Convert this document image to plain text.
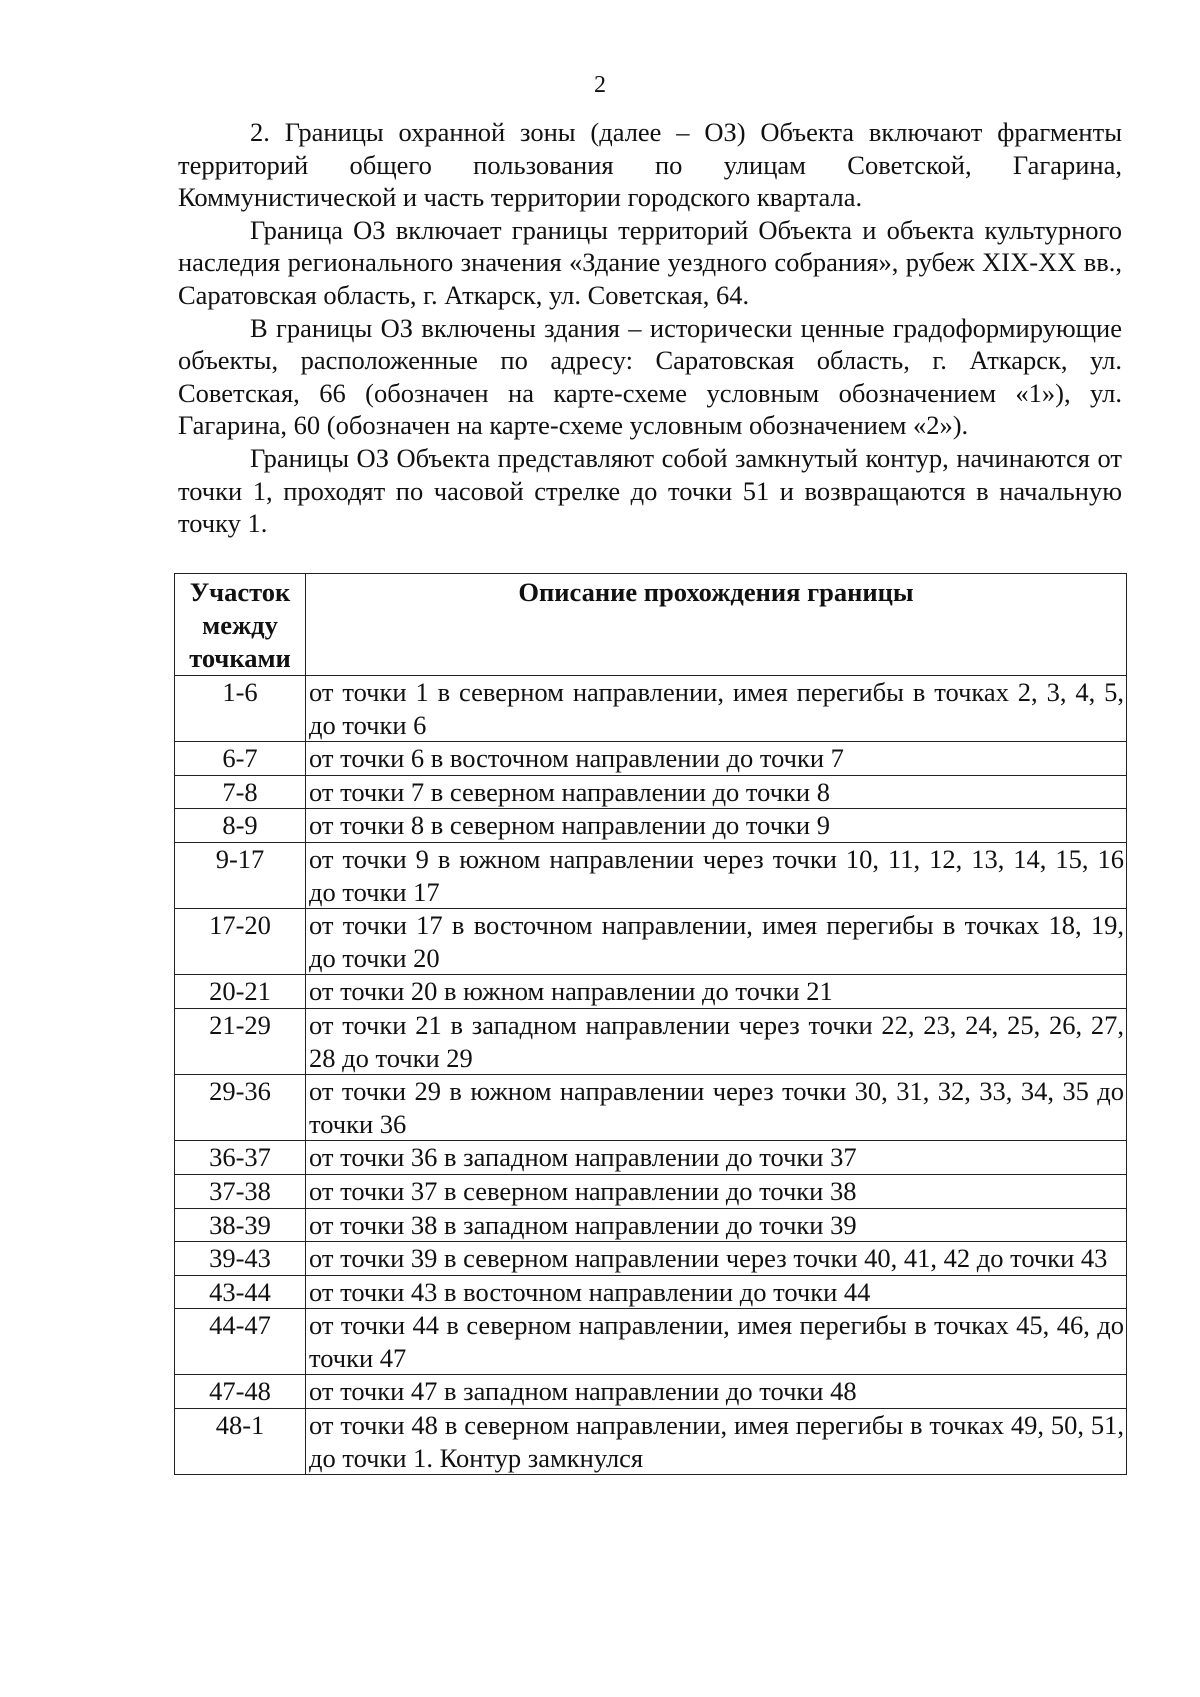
2

2. Границы охранной зоны (далее – ОЗ) Объекта включают фрагменты территорий общего пользования по улицам Советской, Гагарина, Коммунистической и часть территории городского квартала.

Граница ОЗ включает границы территорий Объекта и объекта культурного наследия регионального значения «Здание уездного собрания», рубеж XIX-XX вв., Саратовская область, г. Аткарск, ул. Советская, 64.

В границы ОЗ включены здания – исторически ценные градоформирующие объекты, расположенные по адресу: Саратовская область, г. Аткарск, ул. Советская, 66 (обозначен на карте-схеме условным обозначением «1»), ул. Гагарина, 60 (обозначен на карте-схеме условным обозначением «2»).

Границы ОЗ Объекта представляют собой замкнутый контур, начинаются от точки 1, проходят по часовой стрелке до точки 51 и возвращаются в начальную точку 1.

Участок между точками	Описание прохождения границы
1-6	от точки 1 в северном направлении, имея перегибы в точках 2, 3, 4, 5, до точки 6
6-7	от точки 6 в восточном направлении до точки 7
7-8	от точки 7 в северном направлении до точки 8
8-9	от точки 8 в северном направлении до точки 9
9-17	от точки 9 в южном направлении через точки 10, 11, 12, 13, 14, 15, 16 до точки 17
17-20	от точки 17 в восточном направлении, имея перегибы в точках 18, 19, до точки 20
20-21	от точки 20 в южном направлении до точки 21
21-29	от точки 21 в западном направлении через точки 22, 23, 24, 25, 26, 27, 28 до точки 29
29-36	от точки 29 в южном направлении через точки 30, 31, 32, 33, 34, 35 до точки 36
36-37	от точки 36 в западном направлении до точки 37
37-38	от точки 37 в северном направлении до точки 38
38-39	от точки 38 в западном направлении до точки 39
39-43	от точки 39 в северном направлении через точки 40, 41, 42 до точки 43
43-44	от точки 43 в восточном направлении до точки 44
44-47	от точки 44 в северном направлении, имея перегибы в точках 45, 46, до точки 47
47-48	от точки 47 в западном направлении до точки 48
48-1	от точки 48 в северном направлении, имея перегибы в точках 49, 50, 51, до точки 1. Контур замкнулся
